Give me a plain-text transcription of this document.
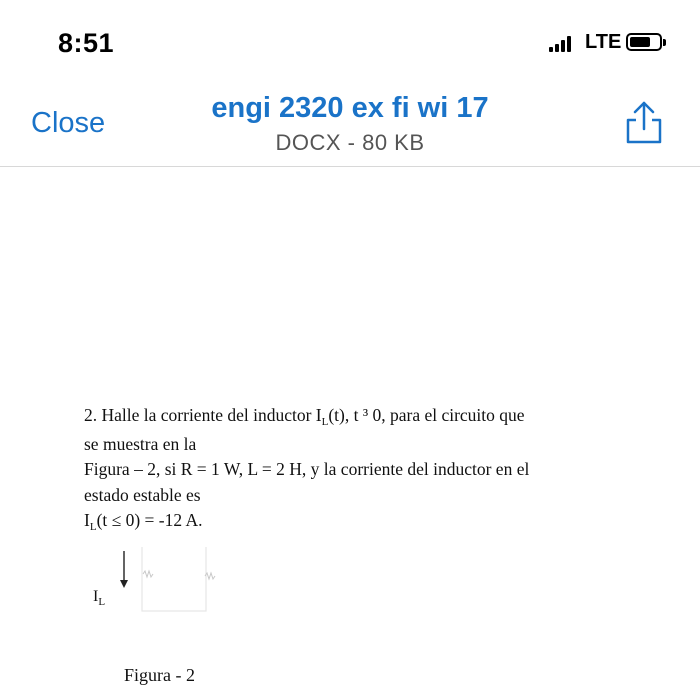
8:51	LTE
Close	engi 2320 ex fi wi 17
DOCX - 80 KB

2. Halle la corriente del inductor $I_L(t)$, t ³ 0, para el circuito que

se muestra en la

Figura – 2, si R = 1 W, L = 2 H, y la corriente del inductor en el

estado estable es

$I_L(t \le 0) = -12$ A.

$I_L$
Figura - 2
